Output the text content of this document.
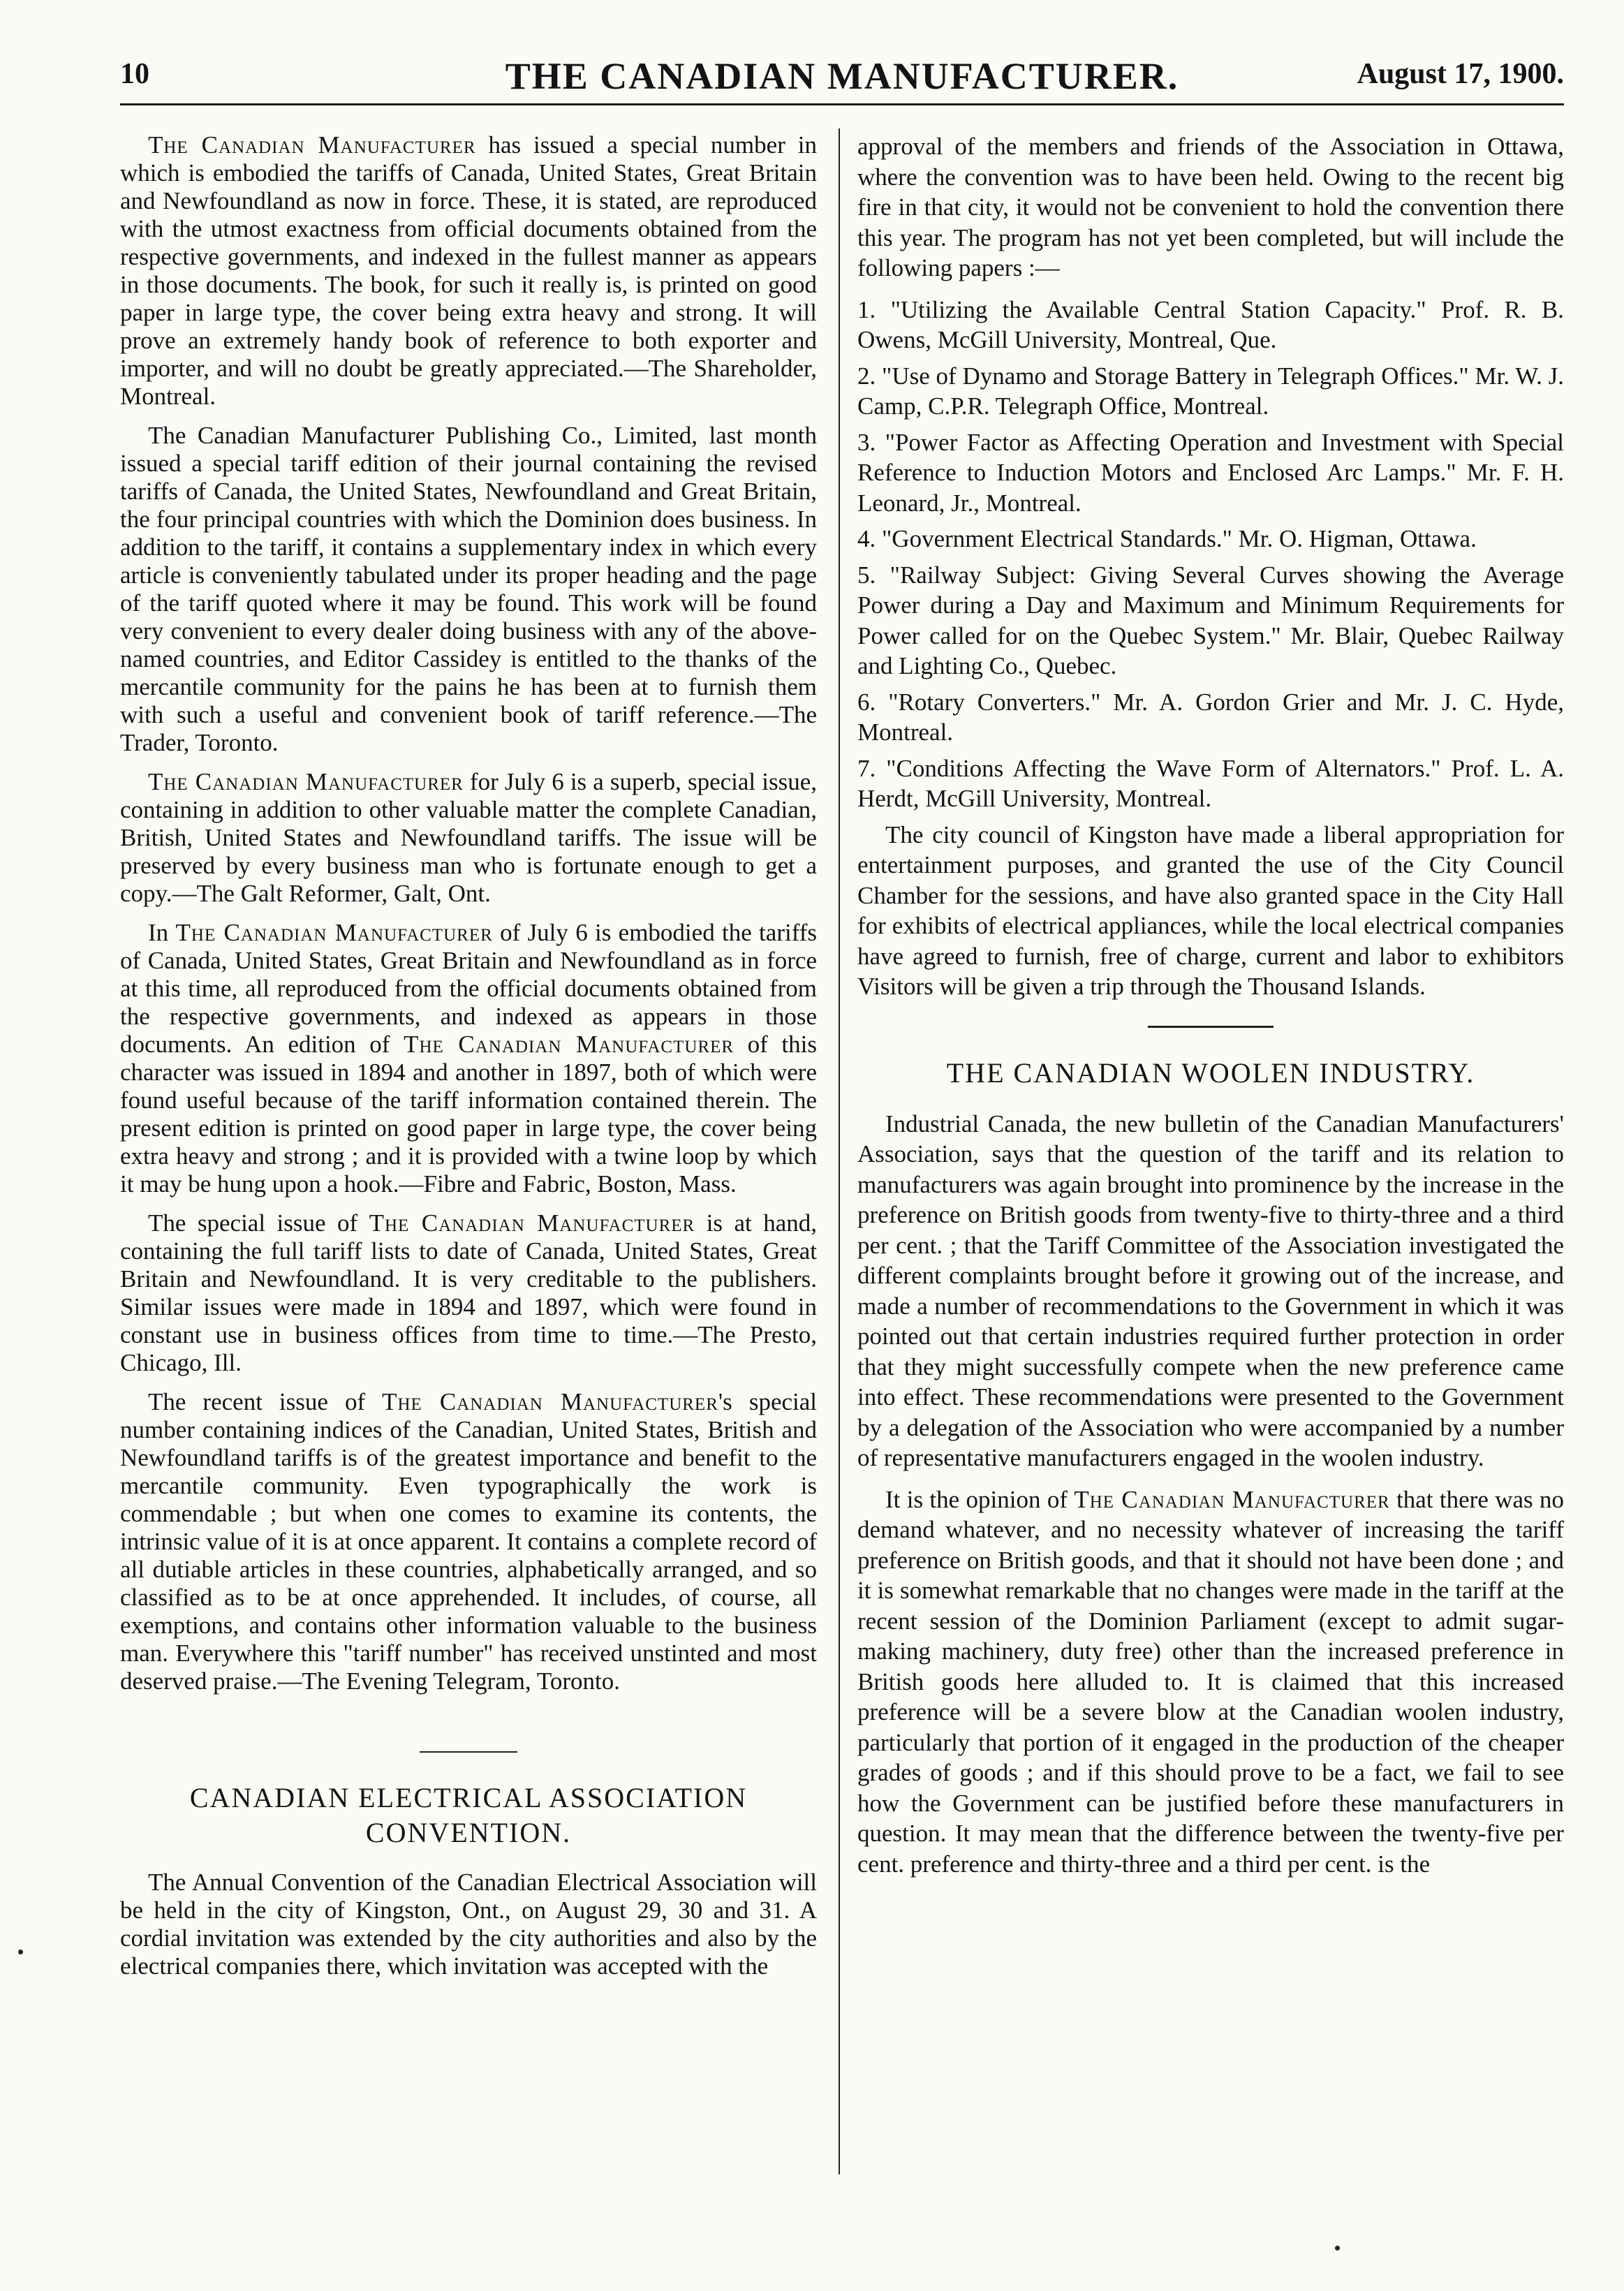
10	THE CANADIAN MANUFACTURER.	August 17, 1900.

The Canadian Manufacturer has issued a special number in which is embodied the tariffs of Canada, United States, Great Britain and Newfoundland as now in force. These, it is stated, are reproduced with the utmost exactness from official documents obtained from the respective governments, and indexed in the fullest manner as appears in those documents. The book, for such it really is, is printed on good paper in large type, the cover being extra heavy and strong. It will prove an extremely handy book of reference to both exporter and importer, and will no doubt be greatly appreciated.—The Shareholder, Montreal.

The Canadian Manufacturer Publishing Co., Limited, last month issued a special tariff edition of their journal containing the revised tariffs of Canada, the United States, Newfoundland and Great Britain, the four principal countries with which the Dominion does business. In addition to the tariff, it contains a supplementary index in which every article is conveniently tabulated under its proper heading and the page of the tariff quoted where it may be found. This work will be found very convenient to every dealer doing business with any of the above-named countries, and Editor Cassidey is entitled to the thanks of the mercantile community for the pains he has been at to furnish them with such a useful and convenient book of tariff reference.—The Trader, Toronto.

The Canadian Manufacturer for July 6 is a superb, special issue, containing in addition to other valuable matter the complete Canadian, British, United States and Newfoundland tariffs. The issue will be preserved by every business man who is fortunate enough to get a copy.—The Galt Reformer, Galt, Ont.

In The Canadian Manufacturer of July 6 is embodied the tariffs of Canada, United States, Great Britain and Newfoundland as in force at this time, all reproduced from the official documents obtained from the respective governments, and indexed as appears in those documents. An edition of The Canadian Manufacturer of this character was issued in 1894 and another in 1897, both of which were found useful because of the tariff information contained therein. The present edition is printed on good paper in large type, the cover being extra heavy and strong ; and it is provided with a twine loop by which it may be hung upon a hook.—Fibre and Fabric, Boston, Mass.

The special issue of The Canadian Manufacturer is at hand, containing the full tariff lists to date of Canada, United States, Great Britain and Newfoundland. It is very creditable to the publishers. Similar issues were made in 1894 and 1897, which were found in constant use in business offices from time to time.—The Presto, Chicago, Ill.

The recent issue of The Canadian Manufacturer's special number containing indices of the Canadian, United States, British and Newfoundland tariffs is of the greatest importance and benefit to the mercantile community. Even typographically the work is commendable ; but when one comes to examine its contents, the intrinsic value of it is at once apparent. It contains a complete record of all dutiable articles in these countries, alphabetically arranged, and so classified as to be at once apprehended. It includes, of course, all exemptions, and contains other information valuable to the business man. Everywhere this "tariff number" has received unstinted and most deserved praise.—The Evening Telegram, Toronto.

CANADIAN ELECTRICAL ASSOCIATION CONVENTION.

The Annual Convention of the Canadian Electrical Association will be held in the city of Kingston, Ont., on August 29, 30 and 31. A cordial invitation was extended by the city authorities and also by the electrical companies there, which invitation was accepted with the

approval of the members and friends of the Association in Ottawa, where the convention was to have been held. Owing to the recent big fire in that city, it would not be convenient to hold the convention there this year. The program has not yet been completed, but will include the following papers :—

1. "Utilizing the Available Central Station Capacity." Prof. R. B. Owens, McGill University, Montreal, Que.

2. "Use of Dynamo and Storage Battery in Telegraph Offices." Mr. W. J. Camp, C.P.R. Telegraph Office, Montreal.

3. "Power Factor as Affecting Operation and Investment with Special Reference to Induction Motors and Enclosed Arc Lamps." Mr. F. H. Leonard, Jr., Montreal.

4. "Government Electrical Standards." Mr. O. Higman, Ottawa.

5. "Railway Subject: Giving Several Curves showing the Average Power during a Day and Maximum and Minimum Requirements for Power called for on the Quebec System." Mr. Blair, Quebec Railway and Lighting Co., Quebec.

6. "Rotary Converters." Mr. A. Gordon Grier and Mr. J. C. Hyde, Montreal.

7. "Conditions Affecting the Wave Form of Alternators." Prof. L. A. Herdt, McGill University, Montreal.

The city council of Kingston have made a liberal appropriation for entertainment purposes, and granted the use of the City Council Chamber for the sessions, and have also granted space in the City Hall for exhibits of electrical appliances, while the local electrical companies have agreed to furnish, free of charge, current and labor to exhibitors Visitors will be given a trip through the Thousand Islands.

THE CANADIAN WOOLEN INDUSTRY.

Industrial Canada, the new bulletin of the Canadian Manufacturers' Association, says that the question of the tariff and its relation to manufacturers was again brought into prominence by the increase in the preference on British goods from twenty-five to thirty-three and a third per cent. ; that the Tariff Committee of the Association investigated the different complaints brought before it growing out of the increase, and made a number of recommendations to the Government in which it was pointed out that certain industries required further protection in order that they might successfully compete when the new preference came into effect. These recommendations were presented to the Government by a delegation of the Association who were accompanied by a number of representative manufacturers engaged in the woolen industry.

It is the opinion of The Canadian Manufacturer that there was no demand whatever, and no necessity whatever of increasing the tariff preference on British goods, and that it should not have been done ; and it is somewhat remarkable that no changes were made in the tariff at the recent session of the Dominion Parliament (except to admit sugar-making machinery, duty free) other than the increased preference in British goods here alluded to. It is claimed that this increased preference will be a severe blow at the Canadian woolen industry, particularly that portion of it engaged in the production of the cheaper grades of goods ; and if this should prove to be a fact, we fail to see how the Government can be justified before these manufacturers in question. It may mean that the difference between the twenty-five per cent. preference and thirty-three and a third per cent. is the
